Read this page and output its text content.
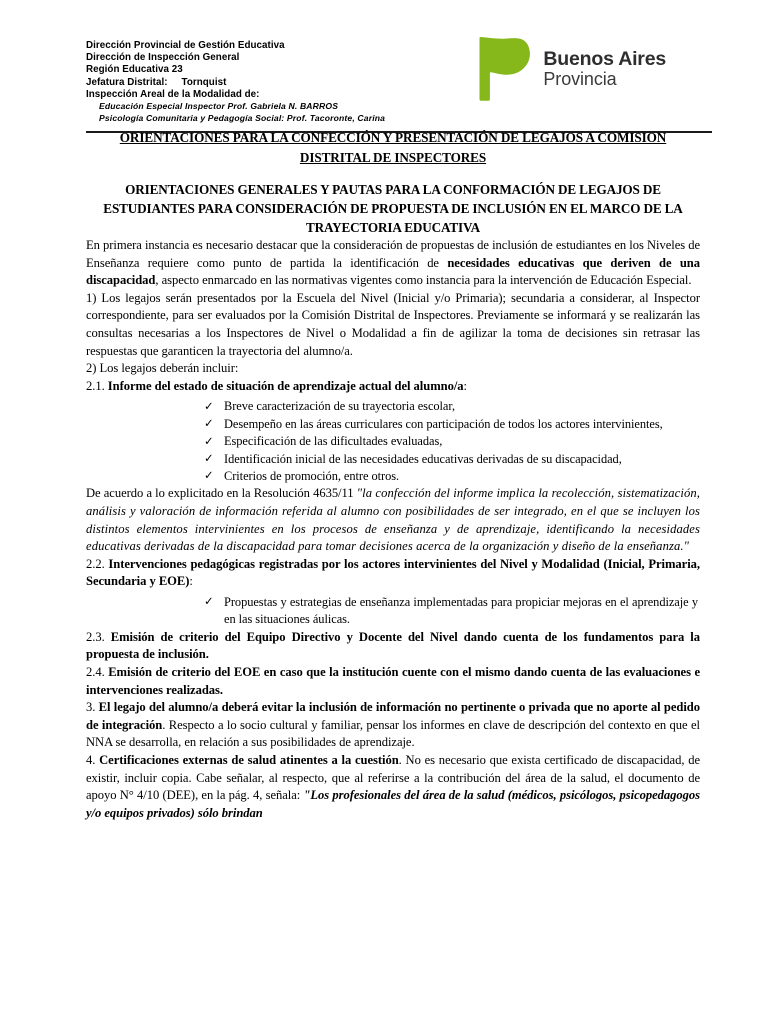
Dirección Provincial de Gestión Educativa
Dirección de Inspección General
Región Educativa 23
Jefatura Distrital: Tornquist
Inspección Areal de la Modalidad de:
Educación Especial Inspector Prof. Gabriela N. BARROS
Psicología Comunitaria y Pedagogía Social: Prof. Tacoronte, Carina
Buenos Aires
Provincia
ORIENTACIONES PARA LA CONFECCIÓN Y PRESENTACIÓN DE LEGAJOS A COMISION
DISTRITAL DE INSPECTORES
ORIENTACIONES GENERALES Y PAUTAS PARA LA CONFORMACIÓN DE LEGAJOS DE ESTUDIANTES PARA CONSIDERACIÓN DE PROPUESTA DE INCLUSIÓN EN EL MARCO DE LA TRAYECTORIA EDUCATIVA

En primera instancia es necesario destacar que la consideración de propuestas de inclusión de estudiantes en los Niveles de Enseñanza requiere como punto de partida la identificación de necesidades educativas que deriven de una discapacidad, aspecto enmarcado en las normativas vigentes como instancia para la intervención de Educación Especial.

1) Los legajos serán presentados por la Escuela del Nivel (Inicial y/o Primaria); secundaria a considerar, al Inspector correspondiente, para ser evaluados por la Comisión Distrital de Inspectores. Previamente se informará y se realizarán las consultas necesarias a los Inspectores de Nivel o Modalidad a fin de agilizar la toma de decisiones sin retrasar las respuestas que garanticen la trayectoria del alumno/a.

2) Los legajos deberán incluir:

2.1. Informe del estado de situación de aprendizaje actual del alumno/a:

✓ Breve caracterización de su trayectoria escolar,
✓ Desempeño en las áreas curriculares con participación de todos los actores intervinientes,
✓ Especificación de las dificultades evaluadas,
✓ Identificación inicial de las necesidades educativas derivadas de su discapacidad,
✓ Criterios de promoción, entre otros.

De acuerdo a lo explicitado en la Resolución 4635/11 "la confección del informe implica la recolección, sistematización, análisis y valoración de información referida al alumno con posibilidades de ser integrado, en el que se incluyen los distintos elementos intervinientes en los procesos de enseñanza y de aprendizaje, identificando la necesidades educativas derivadas de la discapacidad para tomar decisiones acerca de la organización y diseño de la enseñanza."

2.2. Intervenciones pedagógicas registradas por los actores intervinientes del Nivel y Modalidad (Inicial, Primaria, Secundaria y EOE):

✓ Propuestas y estrategias de enseñanza implementadas para propiciar mejoras en el aprendizaje y en las situaciones áulicas.

2.3. Emisión de criterio del Equipo Directivo y Docente del Nivel dando cuenta de los fundamentos para la propuesta de inclusión.

2.4. Emisión de criterio del EOE en caso que la institución cuente con el mismo dando cuenta de las evaluaciones e intervenciones realizadas.

3. El legajo del alumno/a deberá evitar la inclusión de información no pertinente o privada que no aporte al pedido de integración. Respecto a lo socio cultural y familiar, pensar los informes en clave de descripción del contexto en que el NNA se desarrolla, en relación a sus posibilidades de aprendizaje.

4. Certificaciones externas de salud atinentes a la cuestión. No es necesario que exista certificado de discapacidad, de existir, incluir copia. Cabe señalar, al respecto, que al referirse a la contribución del área de la salud, el documento de apoyo N° 4/10 (DEE), en la pág. 4, señala: "Los profesionales del área de la salud (médicos, psicólogos, psicopedagogos y/o equipos privados) sólo brindan
